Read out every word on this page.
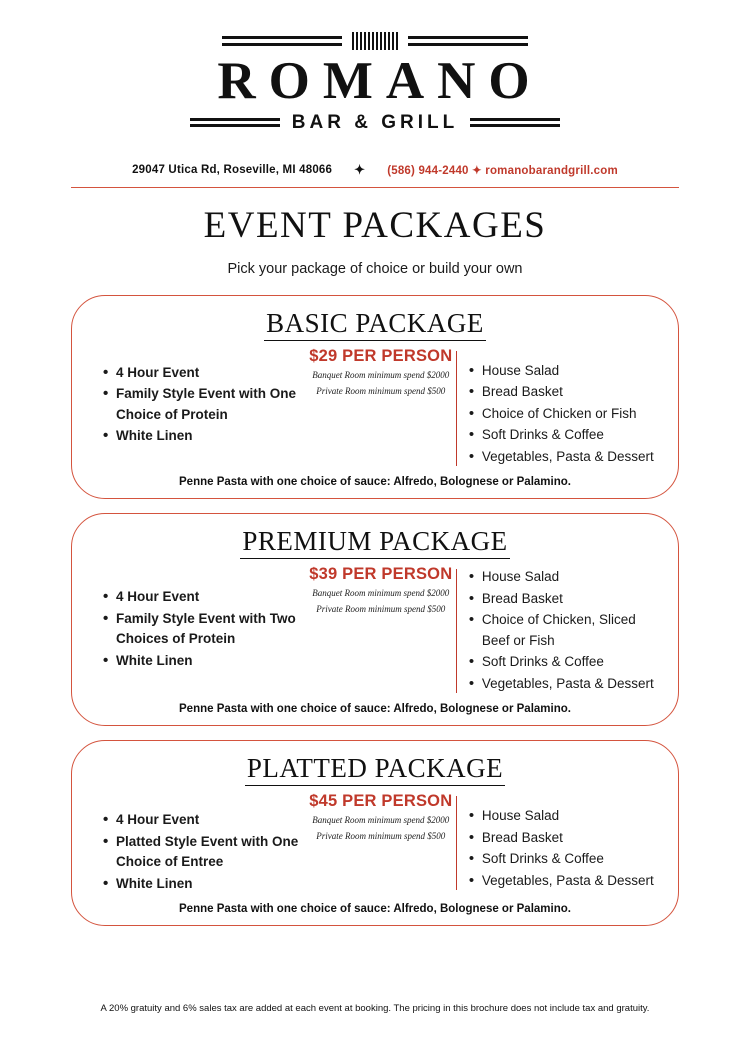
ROMANO
BAR & GRILL
29047 Utica Rd, Roseville, MI 48066 ✦ (586) 944-2440 ✦ romanobarandgrill.com
EVENT PACKAGES
Pick your package of choice or build your own
BASIC PACKAGE
• 4 Hour Event
• Family Style Event with One Choice of Protein
• White Linen
$29 PER PERSON
Banquet Room minimum spend $2000
Private Room minimum spend $500
• House Salad
• Bread Basket
• Choice of Chicken or Fish
• Soft Drinks & Coffee
• Vegetables, Pasta & Dessert
Penne Pasta with one choice of sauce: Alfredo, Bolognese or Palamino.
PREMIUM PACKAGE
• 4 Hour Event
• Family Style Event with Two Choices of Protein
• White Linen
$39 PER PERSON
Banquet Room minimum spend $2000
Private Room minimum spend $500
• House Salad
• Bread Basket
• Choice of Chicken, Sliced Beef or Fish
• Soft Drinks & Coffee
• Vegetables, Pasta & Dessert
Penne Pasta with one choice of sauce: Alfredo, Bolognese or Palamino.
PLATTED PACKAGE
• 4 Hour Event
• Platted Style Event with One Choice of Entree
• White Linen
$45 PER PERSON
Banquet Room minimum spend $2000
Private Room minimum spend $500
• House Salad
• Bread Basket
• Soft Drinks & Coffee
• Vegetables, Pasta & Dessert
Penne Pasta with one choice of sauce: Alfredo, Bolognese or Palamino.
A 20% gratuity and 6% sales tax are added at each event at booking. The pricing in this brochure does not include tax and gratuity.
